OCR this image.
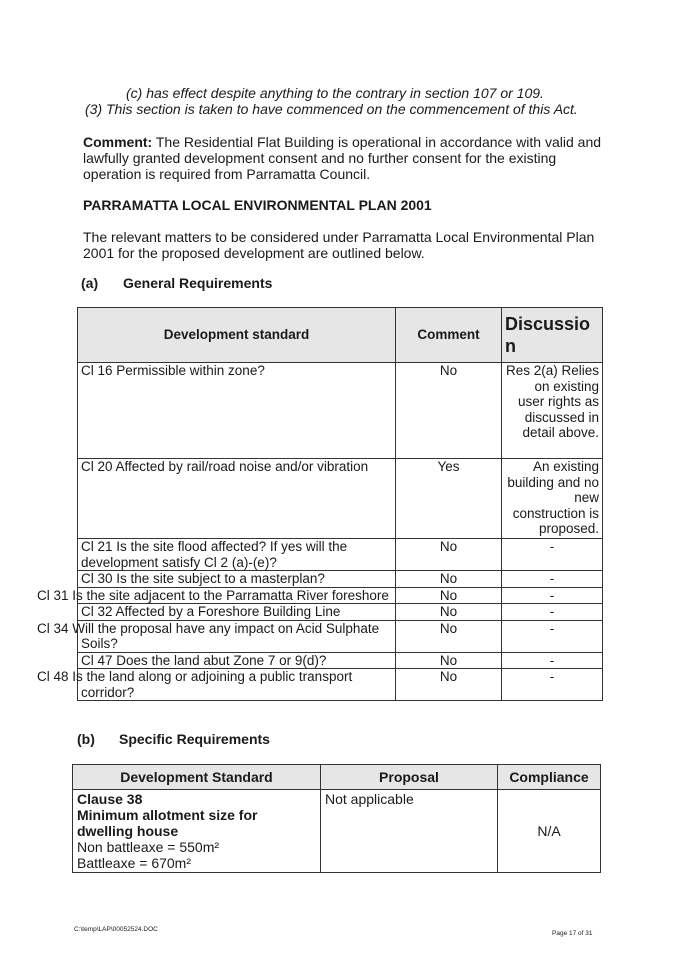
(c) has effect despite anything to the contrary in section 107 or 109.
(3) This section is taken to have commenced on the commencement of this Act.
Comment: The Residential Flat Building is operational in accordance with valid and lawfully granted development consent and no further consent for the existing operation is required from Parramatta Council.
PARRAMATTA LOCAL ENVIRONMENTAL PLAN 2001
The relevant matters to be considered under Parramatta Local Environmental Plan 2001 for the proposed development are outlined below.
(a) General Requirements
Development standard	Comment	Discussio n
Cl 16 Permissible within zone?	No	Res 2(a) Relies on existing user rights as discussed in detail above.
Cl 20 Affected by rail/road noise and/or vibration	Yes	An existing building and no new construction is proposed.
Cl 21 Is the site flood affected? If yes will the development satisfy Cl 2 (a)-(e)?	No	-
Cl 30 Is the site subject to a masterplan?	No	-
Cl 31 Is the site adjacent to the Parramatta River foreshore	No	-
Cl 32 Affected by a Foreshore Building Line	No	-
Cl 34 Will the proposal have any impact on Acid Sulphate Soils?	No	-
Cl 47 Does the land abut Zone 7 or 9(d)?	No	-
Cl 48 Is the land along or adjoining a public transport corridor?	No	-
(b) Specific Requirements
Development Standard	Proposal	Compliance

Clause 38
Minimum allotment size for dwelling house
Non battleaxe = 550m²
Battleaxe = 670m²	Not applicable	N/A
C:\temp\LAP\00052524.DOC
Page 17 of 31
